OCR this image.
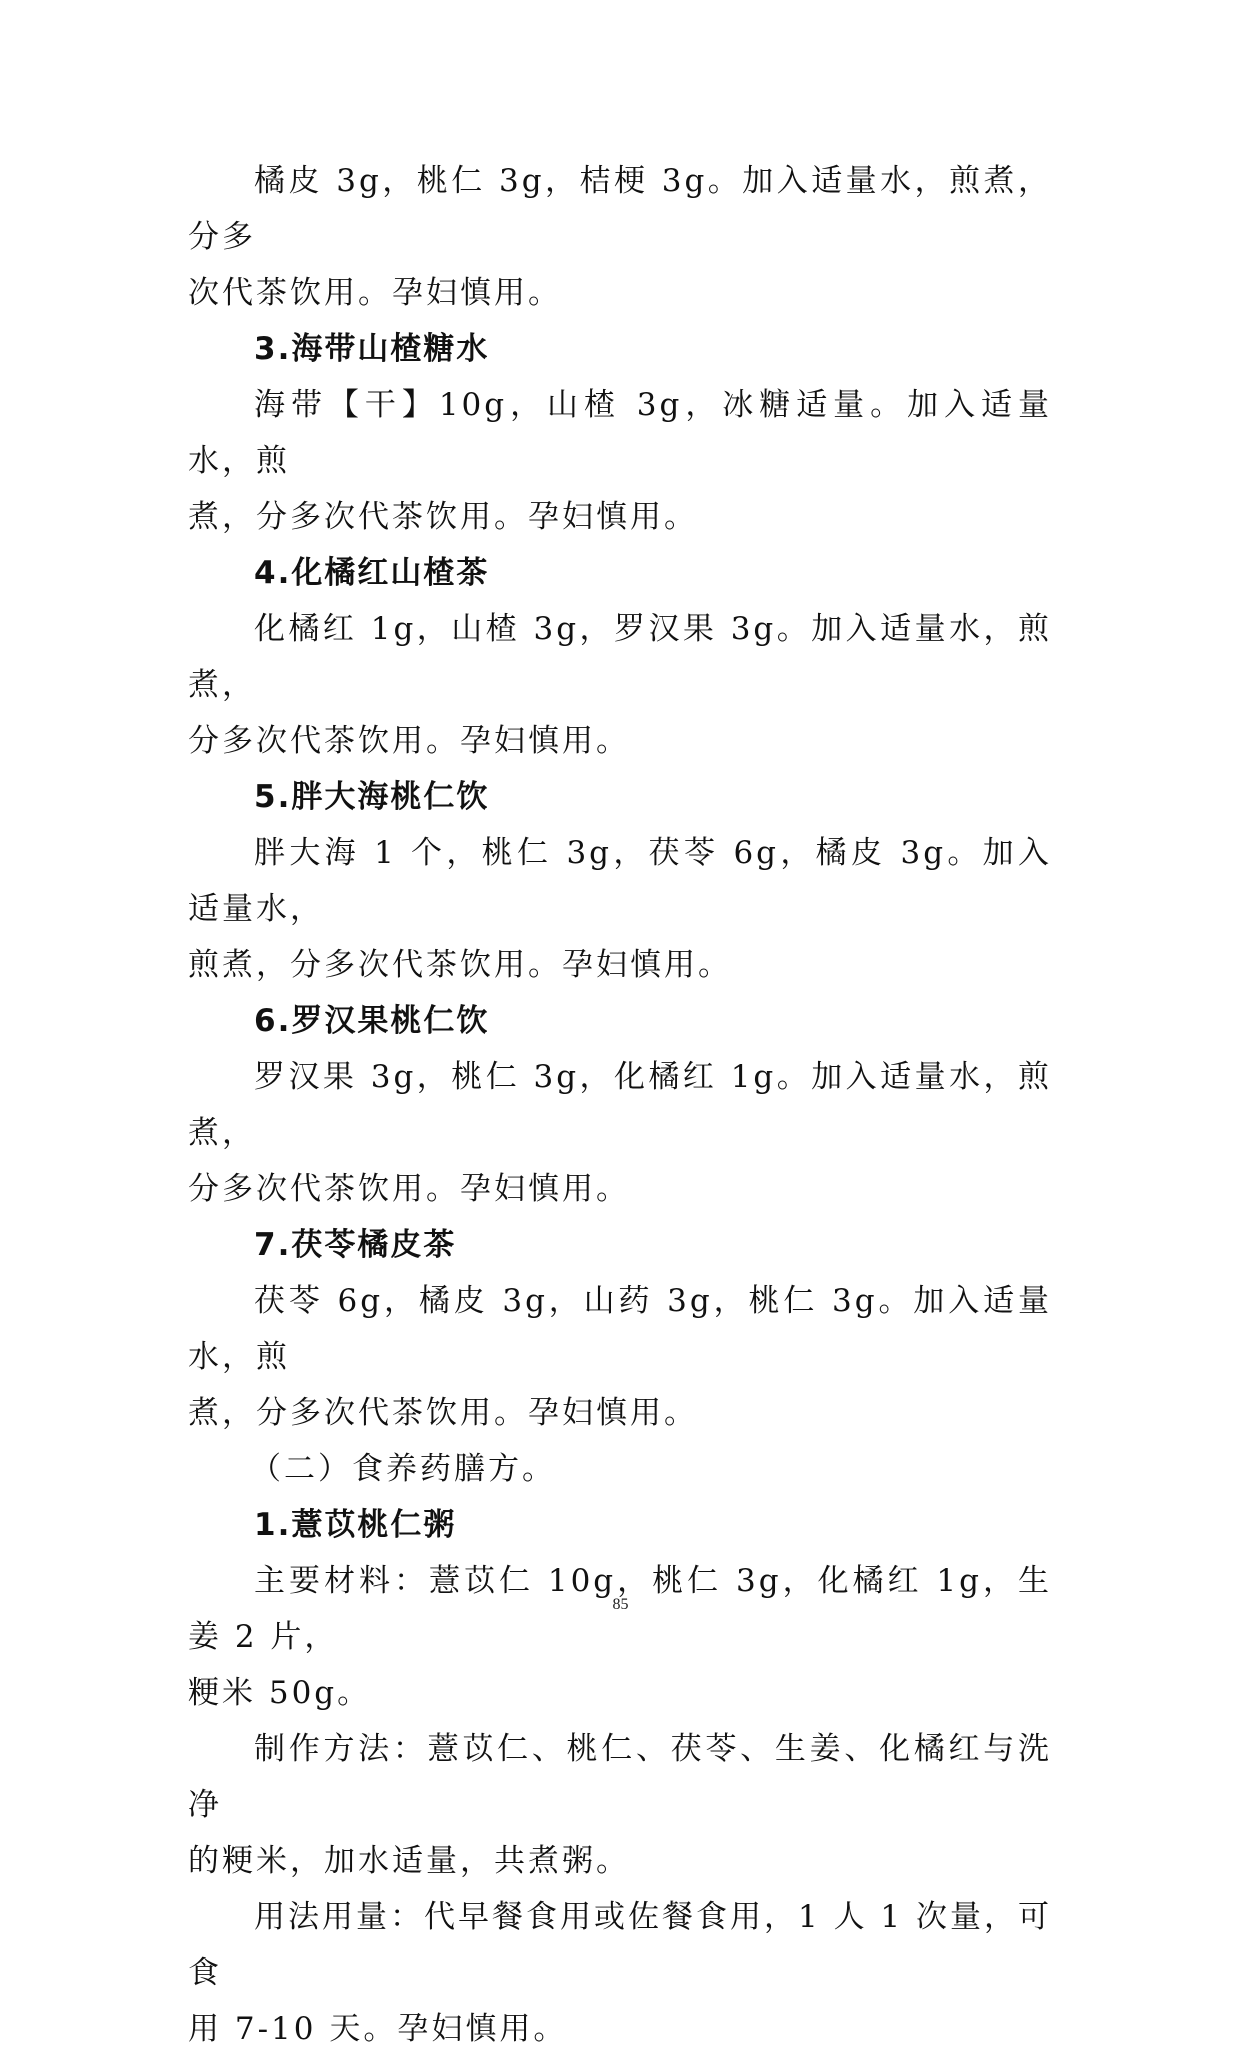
橘皮 3g，桃仁 3g，桔梗 3g。加入适量水，煎煮，分多

次代茶饮用。孕妇慎用。

3.海带山楂糖水

海带【干】10g，山楂 3g，冰糖适量。加入适量水，煎

煮，分多次代茶饮用。孕妇慎用。

4.化橘红山楂茶

化橘红 1g，山楂 3g，罗汉果 3g。加入适量水，煎煮，

分多次代茶饮用。孕妇慎用。

5.胖大海桃仁饮

胖大海 1 个，桃仁 3g，茯苓 6g，橘皮 3g。加入适量水，

煎煮，分多次代茶饮用。孕妇慎用。

6.罗汉果桃仁饮

罗汉果 3g，桃仁 3g，化橘红 1g。加入适量水，煎煮，

分多次代茶饮用。孕妇慎用。

7.茯苓橘皮茶

茯苓 6g，橘皮 3g，山药 3g，桃仁 3g。加入适量水，煎

煮，分多次代茶饮用。孕妇慎用。

（二）食养药膳方。

1.薏苡桃仁粥

主要材料：薏苡仁 10g，桃仁 3g，化橘红 1g，生姜 2 片，

粳米 50g。

制作方法：薏苡仁、桃仁、茯苓、生姜、化橘红与洗净

的粳米，加水适量，共煮粥。

用法用量：代早餐食用或佐餐食用，1 人 1 次量，可食

用 7-10 天。孕妇慎用。

85
